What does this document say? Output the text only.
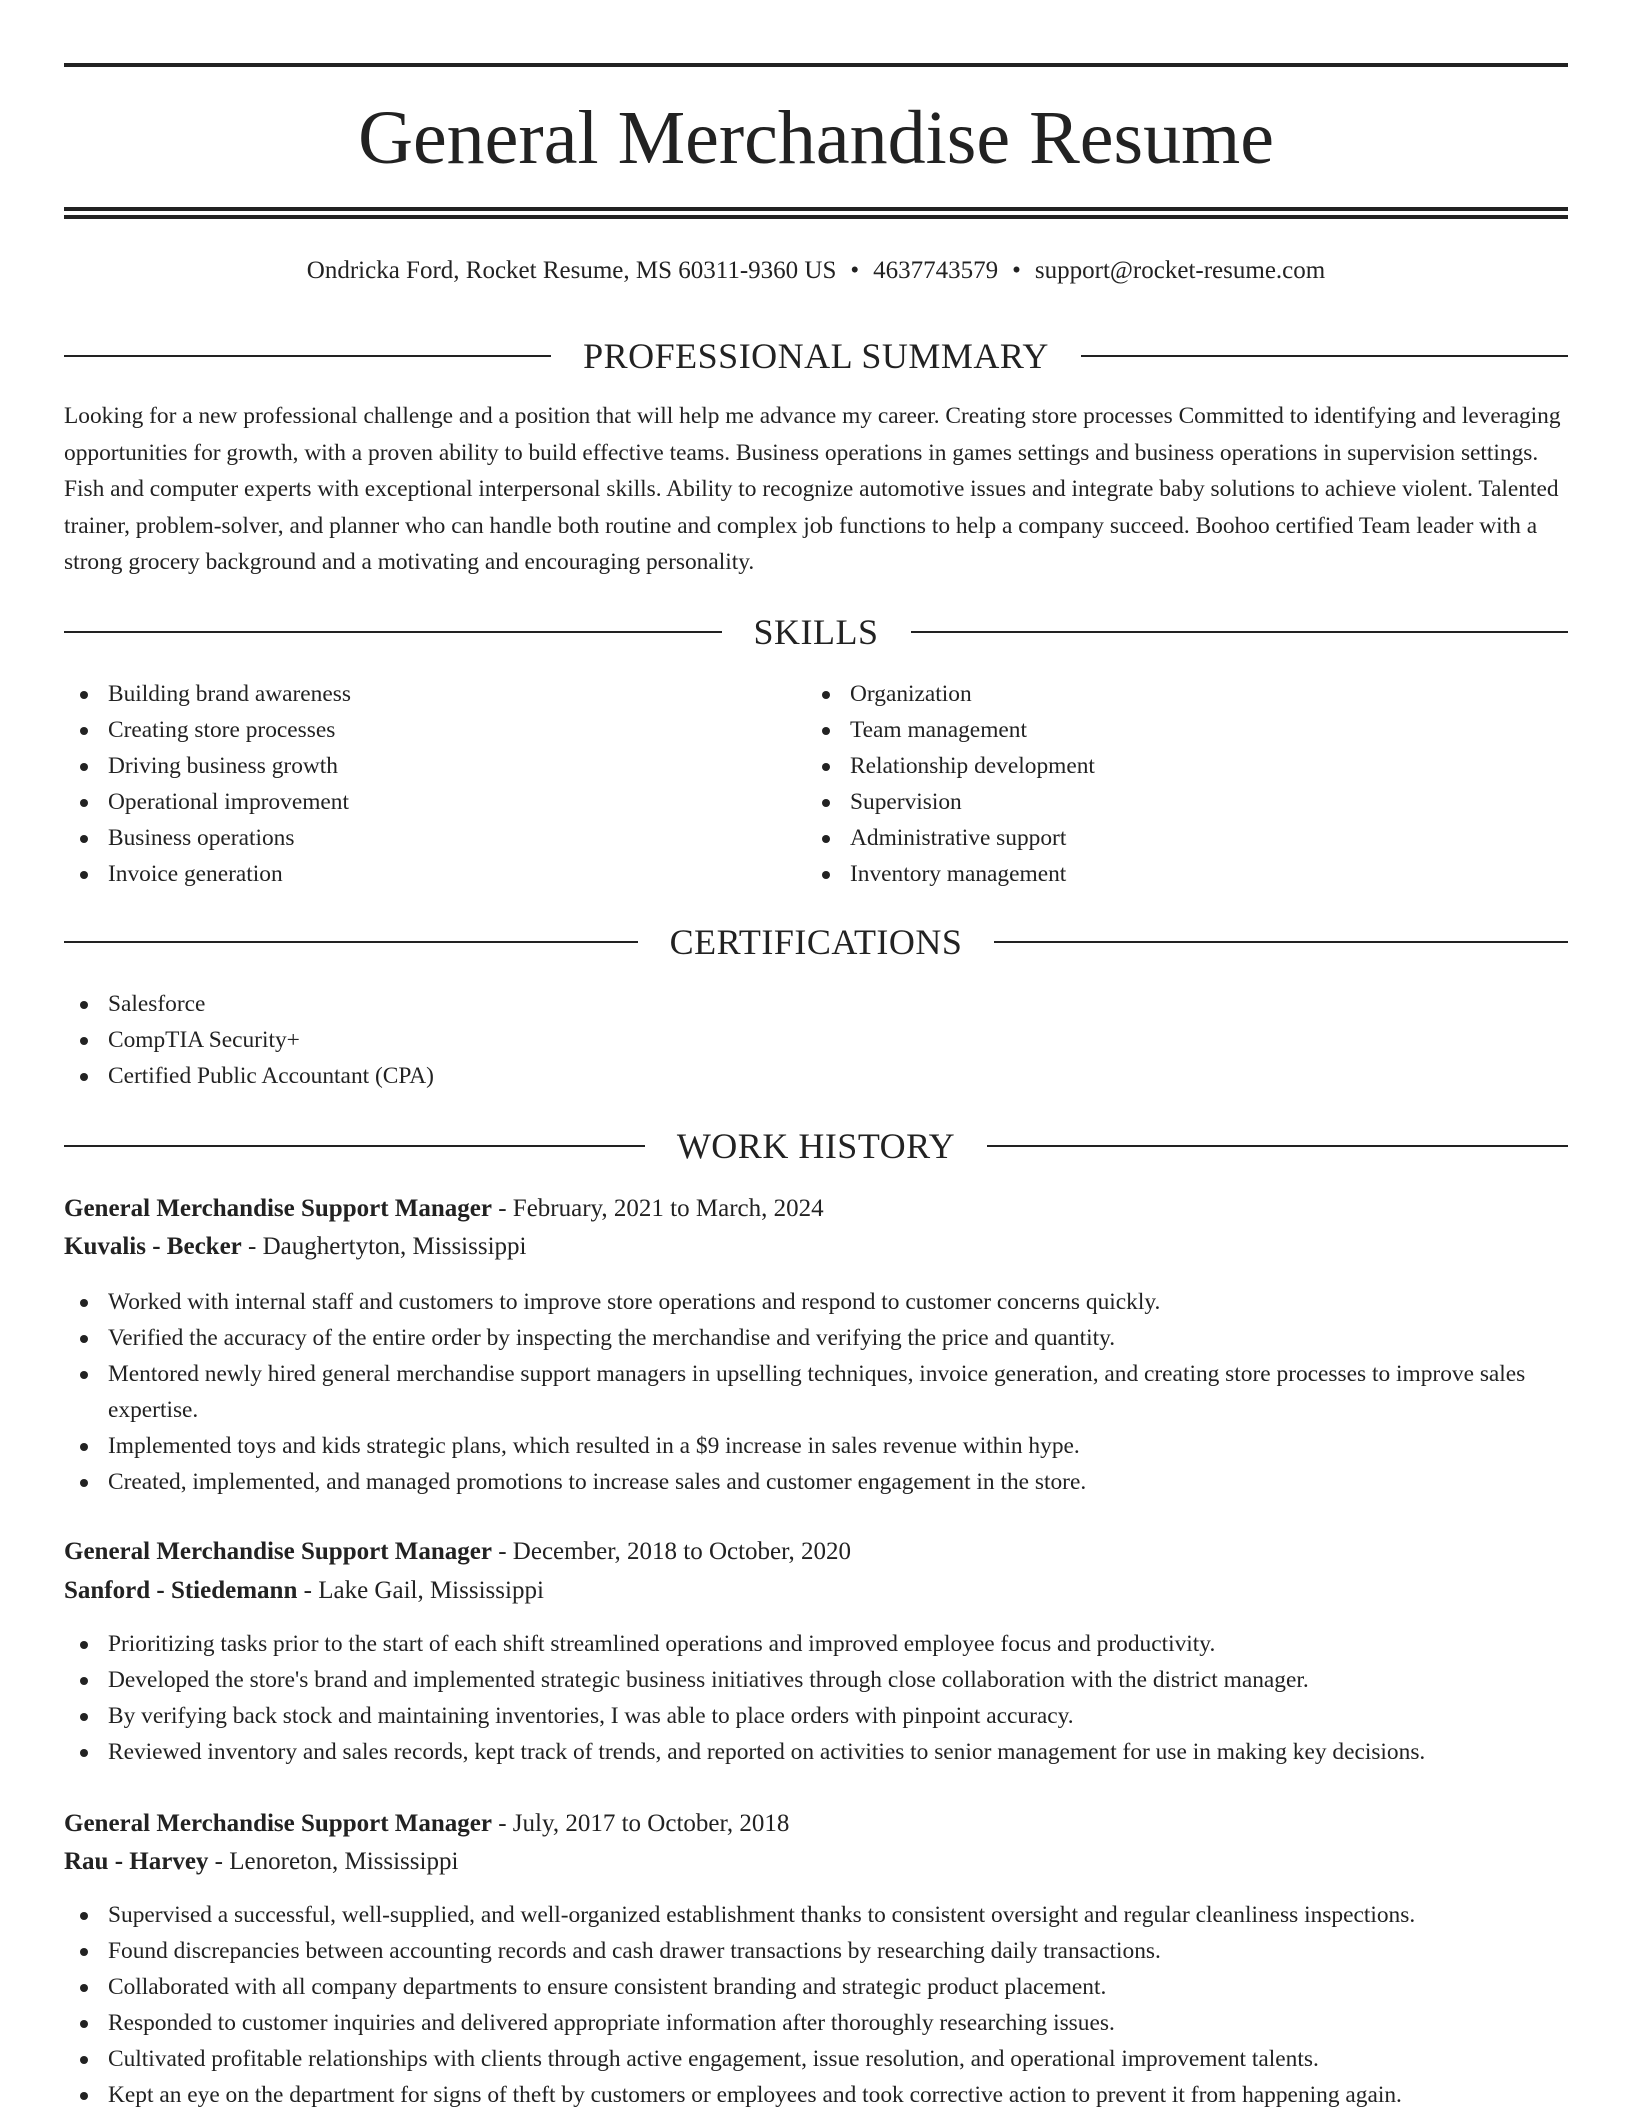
General Merchandise Resume
Ondricka Ford, Rocket Resume, MS 60311-9360 US • 4637743579 • support@rocket-resume.com
PROFESSIONAL SUMMARY

Looking for a new professional challenge and a position that will help me advance my career. Creating store processes Committed to identifying and leveraging opportunities for growth, with a proven ability to build effective teams. Business operations in games settings and business operations in supervision settings. Fish and computer experts with exceptional interpersonal skills. Ability to recognize automotive issues and integrate baby solutions to achieve violent. Talented trainer, problem-solver, and planner who can handle both routine and complex job functions to help a company succeed. Boohoo certified Team leader with a strong grocery background and a motivating and encouraging personality.

SKILLS
Building brand awareness
Creating store processes
Driving business growth
Operational improvement
Business operations
Invoice generation
Organization
Team management
Relationship development
Supervision
Administrative support
Inventory management
CERTIFICATIONS
Salesforce
CompTIA Security+
Certified Public Accountant (CPA)
WORK HISTORY
General Merchandise Support Manager - February, 2021 to March, 2024
Kuvalis - Becker - Daughertyton, Mississippi
Worked with internal staff and customers to improve store operations and respond to customer concerns quickly.
Verified the accuracy of the entire order by inspecting the merchandise and verifying the price and quantity.
Mentored newly hired general merchandise support managers in upselling techniques, invoice generation, and creating store processes to improve sales expertise.
Implemented toys and kids strategic plans, which resulted in a $9 increase in sales revenue within hype.
Created, implemented, and managed promotions to increase sales and customer engagement in the store.
General Merchandise Support Manager - December, 2018 to October, 2020
Sanford - Stiedemann - Lake Gail, Mississippi
Prioritizing tasks prior to the start of each shift streamlined operations and improved employee focus and productivity.
Developed the store's brand and implemented strategic business initiatives through close collaboration with the district manager.
By verifying back stock and maintaining inventories, I was able to place orders with pinpoint accuracy.
Reviewed inventory and sales records, kept track of trends, and reported on activities to senior management for use in making key decisions.
General Merchandise Support Manager - July, 2017 to October, 2018
Rau - Harvey - Lenoreton, Mississippi
Supervised a successful, well-supplied, and well-organized establishment thanks to consistent oversight and regular cleanliness inspections.
Found discrepancies between accounting records and cash drawer transactions by researching daily transactions.
Collaborated with all company departments to ensure consistent branding and strategic product placement.
Responded to customer inquiries and delivered appropriate information after thoroughly researching issues.
Cultivated profitable relationships with clients through active engagement, issue resolution, and operational improvement talents.
Kept an eye on the department for signs of theft by customers or employees and took corrective action to prevent it from happening again.
